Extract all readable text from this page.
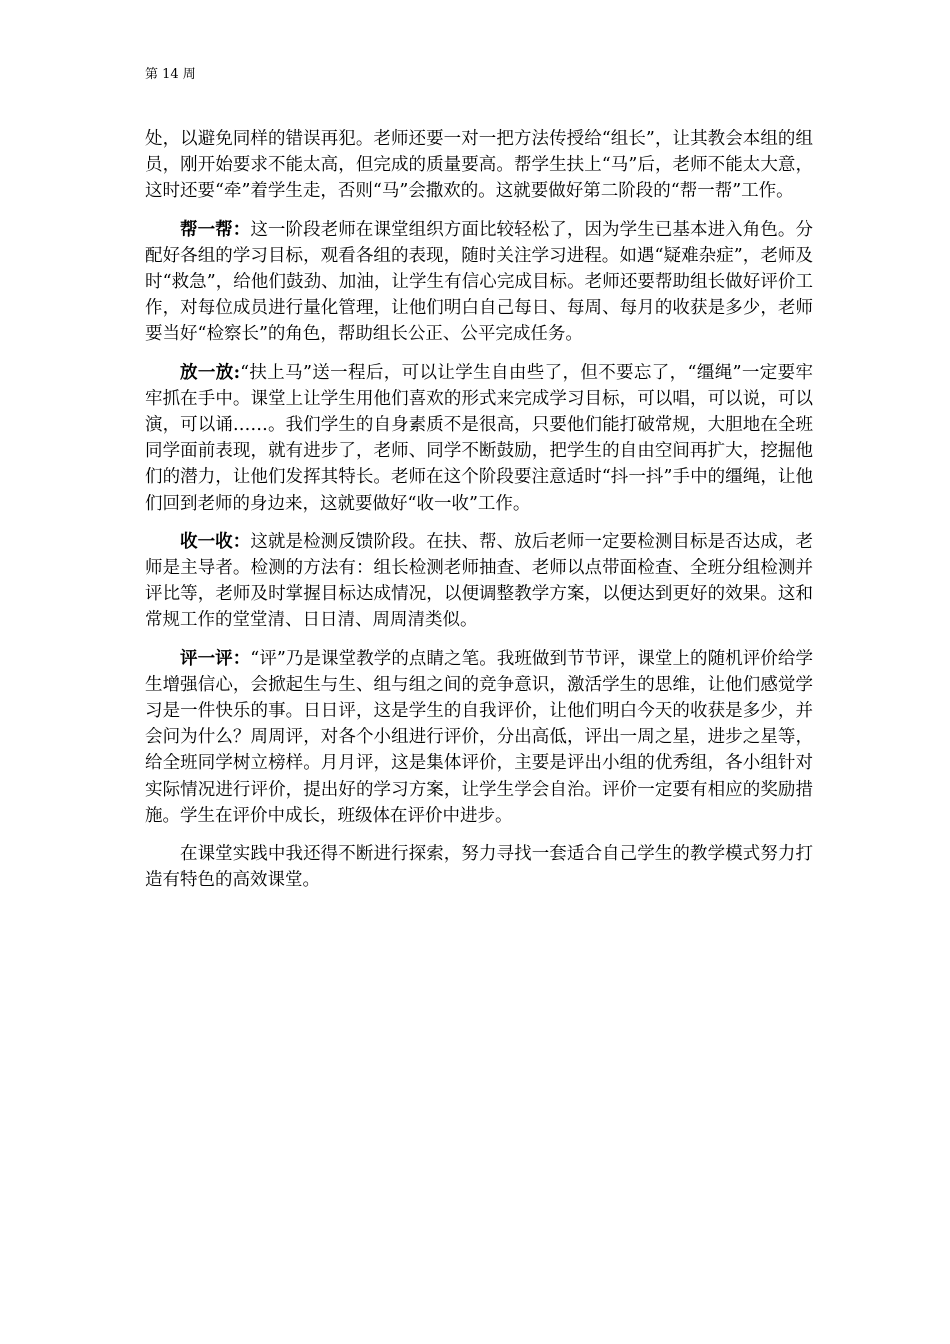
第 14 周

处，以避免同样的错误再犯。老师还要一对一把方法传授给“组长”，让其教会本组的组员，刚开始要求不能太高，但完成的质量要高。帮学生扶上“马”后，老师不能太大意，这时还要“牵”着学生走，否则“马”会撒欢的。这就要做好第二阶段的“帮一帮”工作。

帮一帮：这一阶段老师在课堂组织方面比较轻松了，因为学生已基本进入角色。分配好各组的学习目标，观看各组的表现，随时关注学习进程。如遇“疑难杂症”，老师及时“救急”，给他们鼓劲、加油，让学生有信心完成目标。老师还要帮助组长做好评价工作，对每位成员进行量化管理，让他们明白自己每日、每周、每月的收获是多少，老师要当好“检察长”的角色，帮助组长公正、公平完成任务。

放一放:“扶上马”送一程后，可以让学生自由些了，但不要忘了，“缰绳”一定要牢牢抓在手中。课堂上让学生用他们喜欢的形式来完成学习目标，可以唱，可以说，可以演，可以诵……。我们学生的自身素质不是很高，只要他们能打破常规，大胆地在全班同学面前表现，就有进步了，老师、同学不断鼓励，把学生的自由空间再扩大，挖掘他们的潜力，让他们发挥其特长。老师在这个阶段要注意适时“抖一抖”手中的缰绳，让他们回到老师的身边来，这就要做好“收一收”工作。

收一收：这就是检测反馈阶段。在扶、帮、放后老师一定要检测目标是否达成，老师是主导者。检测的方法有：组长检测老师抽查、老师以点带面检查、全班分组检测并评比等，老师及时掌握目标达成情况，以便调整教学方案，以便达到更好的效果。这和常规工作的堂堂清、日日清、周周清类似。

评一评：“评”乃是课堂教学的点睛之笔。我班做到节节评，课堂上的随机评价给学生增强信心，会掀起生与生、组与组之间的竞争意识，激活学生的思维，让他们感觉学习是一件快乐的事。日日评，这是学生的自我评价，让他们明白今天的收获是多少，并会问为什么？周周评，对各个小组进行评价，分出高低，评出一周之星，进步之星等，给全班同学树立榜样。月月评，这是集体评价，主要是评出小组的优秀组，各小组针对实际情况进行评价，提出好的学习方案，让学生学会自治。评价一定要有相应的奖励措施。学生在评价中成长，班级体在评价中进步。

在课堂实践中我还得不断进行探索，努力寻找一套适合自己学生的教学模式努力打造有特色的高效课堂。
